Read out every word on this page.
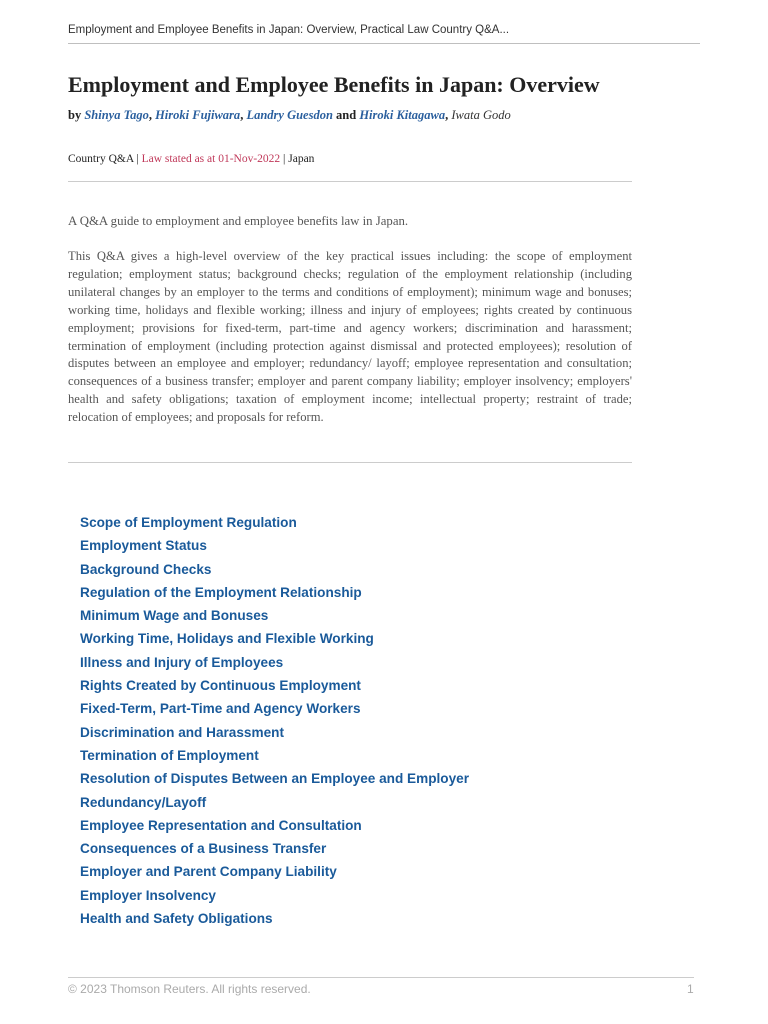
Employment and Employee Benefits in Japan: Overview, Practical Law Country Q&A...
Employment and Employee Benefits in Japan: Overview
by Shinya Tago, Hiroki Fujiwara, Landry Guesdon and Hiroki Kitagawa, Iwata Godo
Country Q&A | Law stated as at 01-Nov-2022 | Japan

A Q&A guide to employment and employee benefits law in Japan.

This Q&A gives a high-level overview of the key practical issues including: the scope of employment regulation; employment status; background checks; regulation of the employment relationship (including unilateral changes by an employer to the terms and conditions of employment); minimum wage and bonuses; working time, holidays and flexible working; illness and injury of employees; rights created by continuous employment; provisions for fixed-term, part-time and agency workers; discrimination and harassment; termination of employment (including protection against dismissal and protected employees); resolution of disputes between an employee and employer; redundancy/ layoff; employee representation and consultation; consequences of a business transfer; employer and parent company liability; employer insolvency; employers' health and safety obligations; taxation of employment income; intellectual property; restraint of trade; relocation of employees; and proposals for reform.
Scope of Employment Regulation
Employment Status
Background Checks
Regulation of the Employment Relationship
Minimum Wage and Bonuses
Working Time, Holidays and Flexible Working
Illness and Injury of Employees
Rights Created by Continuous Employment
Fixed-Term, Part-Time and Agency Workers
Discrimination and Harassment
Termination of Employment
Resolution of Disputes Between an Employee and Employer
Redundancy/Layoff
Employee Representation and Consultation
Consequences of a Business Transfer
Employer and Parent Company Liability
Employer Insolvency
Health and Safety Obligations
© 2023 Thomson Reuters. All rights reserved.	1
